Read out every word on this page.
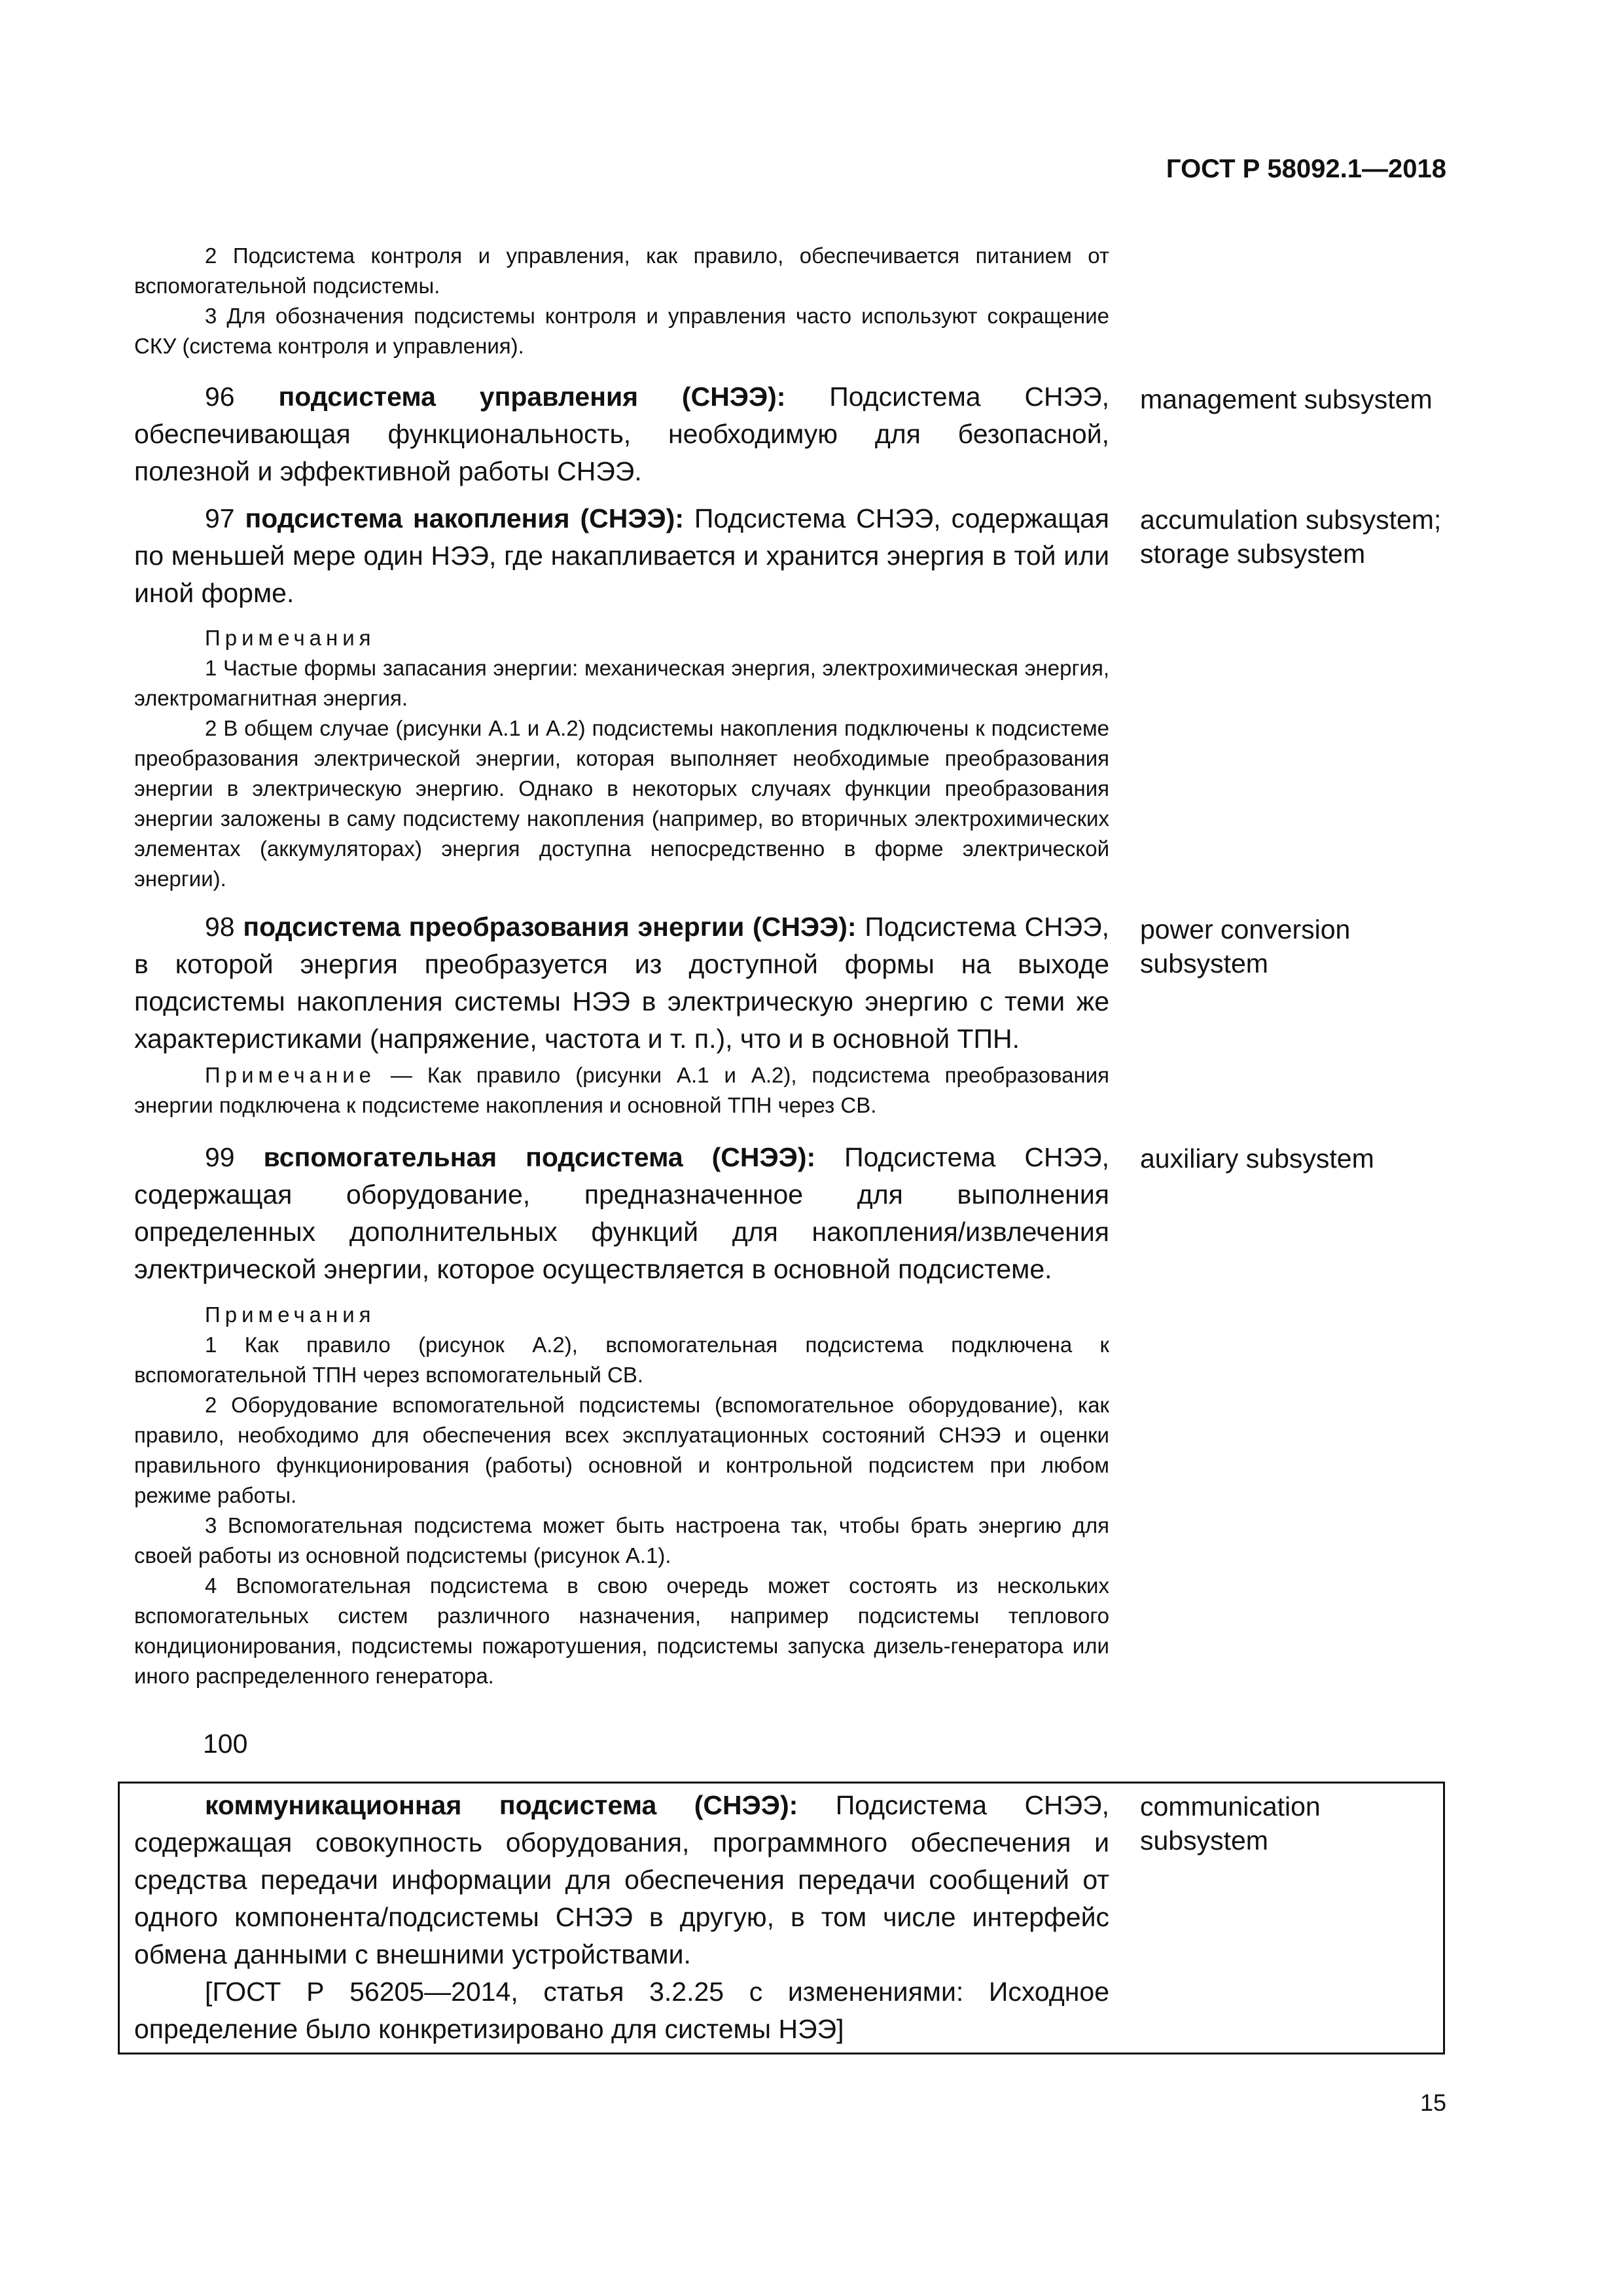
ГОСТ Р 58092.1—2018

2 Подсистема контроля и управления, как правило, обеспечивается питанием от вспомогательной подсистемы.

3 Для обозначения подсистемы контроля и управления часто используют сокращение СКУ (система контроля и управления).

96 подсистема управления (СНЭЭ): Подсистема СНЭЭ, обеспечивающая функциональность, необходимую для безопасной, полезной и эффективной работы СНЭЭ.

management subsystem

97 подсистема накопления (СНЭЭ): Подсистема СНЭЭ, содержащая по меньшей мере один НЭЭ, где накапливается и хранится энергия в той или иной форме.

accumulation subsystem;
storage subsystem

Примечания

1 Частые формы запасания энергии: механическая энергия, электрохимическая энергия, электромагнитная энергия.

2 В общем случае (рисунки А.1 и А.2) подсистемы накопления подключены к подсистеме преобразования электрической энергии, которая выполняет необходимые преобразования энергии в электрическую энергию. Однако в некоторых случаях функции преобразования энергии заложены в саму подсистему накопления (например, во вторичных электрохимических элементах (аккумуляторах) энергия доступна непосредственно в форме электрической энергии).

98 подсистема преобразования энергии (СНЭЭ): Подсистема СНЭЭ, в которой энергия преобразуется из доступной формы на выходе подсистемы накопления системы НЭЭ в электрическую энергию с теми же характеристиками (напряжение, частота и т. п.), что и в основной ТПН.

power conversion subsystem

Примечание — Как правило (рисунки А.1 и А.2), подсистема преобразования энергии подключена к подсистеме накопления и основной ТПН через СВ.

99 вспомогательная подсистема (СНЭЭ): Подсистема СНЭЭ, содержащая оборудование, предназначенное для выполнения определенных дополнительных функций для накопления/извлечения электрической энергии, которое осуществляется в основной подсистеме.

auxiliary subsystem

Примечания

1 Как правило (рисунок А.2), вспомогательная подсистема подключена к вспомогательной ТПН через вспомогательный СВ.

2 Оборудование вспомогательной подсистемы (вспомогательное оборудование), как правило, необходимо для обеспечения всех эксплуатационных состояний СНЭЭ и оценки правильного функционирования (работы) основной и контрольной подсистем при любом режиме работы.

3 Вспомогательная подсистема может быть настроена так, чтобы брать энергию для своей работы из основной подсистемы (рисунок А.1).

4 Вспомогательная подсистема в свою очередь может состоять из нескольких вспомогательных систем различного назначения, например подсистемы теплового кондиционирования, подсистемы пожаротушения, подсистемы запуска дизель-генератора или иного распределенного генератора.

100

коммуникационная подсистема (СНЭЭ): Подсистема СНЭЭ, содержащая совокупность оборудования, программного обеспечения и средства передачи информации для обеспечения передачи сообщений от одного компонента/подсистемы СНЭЭ в другую, в том числе интерфейс обмена данными с внешними устройствами.

[ГОСТ Р 56205—2014, статья 3.2.25 с изменениями: Исходное определение было конкретизировано для системы НЭЭ]

communication subsystem
15
